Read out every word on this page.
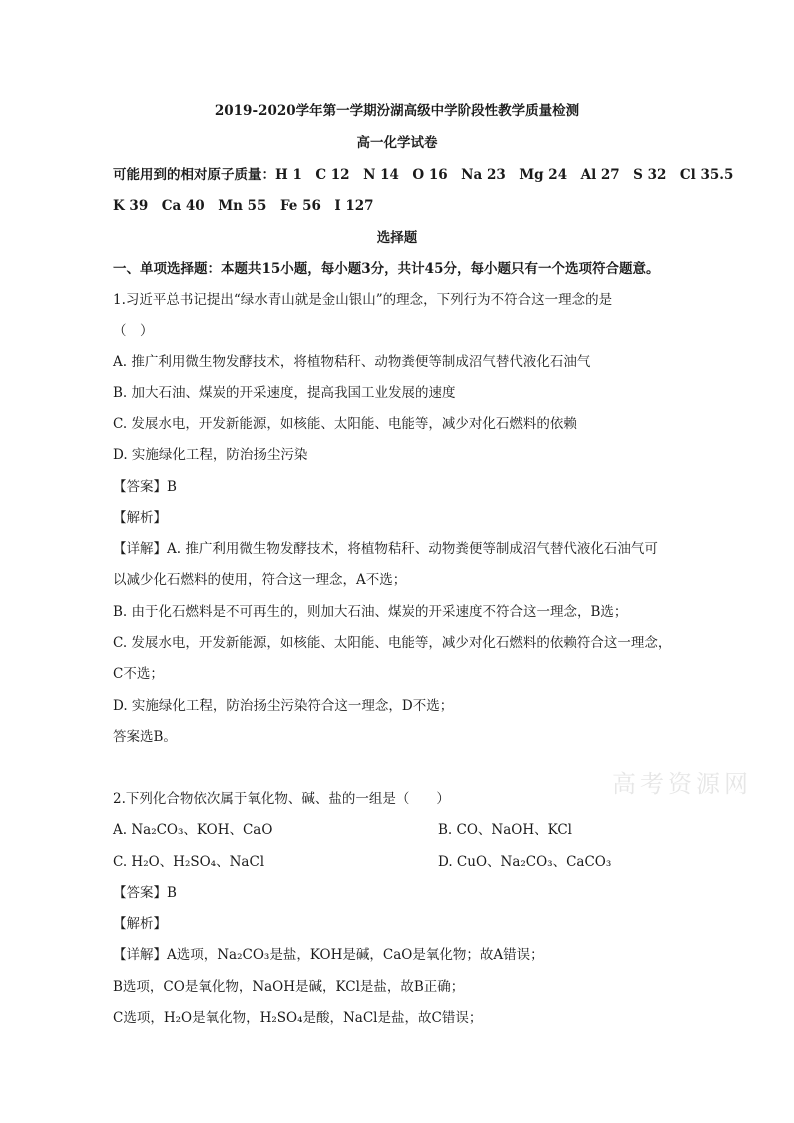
2019-2020学年第一学期汾湖高级中学阶段性教学质量检测
高一化学试卷
可能用到的相对原子质量：H 1　C 12　N 14　O 16　Na 23　Mg 24　Al 27　S 32　Cl 35.5
K 39　Ca 40　Mn 55　Fe 56　I 127
选择题
一、单项选择题：本题共15小题，每小题3分，共计45分，每小题只有一个选项符合题意。
1.习近平总书记提出“绿水青山就是金山银山”的理念，下列行为不符合这一理念的是
（　）
A. 推广利用微生物发酵技术，将植物秸秆、动物粪便等制成沼气替代液化石油气
B. 加大石油、煤炭的开采速度，提高我国工业发展的速度
C. 发展水电，开发新能源，如核能、太阳能、电能等，减少对化石燃料的依赖
D. 实施绿化工程，防治扬尘污染
【答案】B
【解析】
【详解】A. 推广利用微生物发酵技术，将植物秸秆、动物粪便等制成沼气替代液化石油气可
以减少化石燃料的使用，符合这一理念，A不选；
B. 由于化石燃料是不可再生的，则加大石油、煤炭的开采速度不符合这一理念，B选；
C. 发展水电，开发新能源，如核能、太阳能、电能等，减少对化石燃料的依赖符合这一理念，
C不选；
D. 实施绿化工程，防治扬尘污染符合这一理念，D不选；
答案选B。
高考资源网
2.下列化合物依次属于氧化物、碱、盐的一组是（　　）
A. Na₂CO₃、KOH、CaO	B. CO、NaOH、KCl
C. H₂O、H₂SO₄、NaCl	D. CuO、Na₂CO₃、CaCO₃
【答案】B
【解析】
【详解】A选项，Na₂CO₃是盐，KOH是碱，CaO是氧化物；故A错误；
B选项，CO是氧化物，NaOH是碱，KCl是盐，故B正确；
C选项，H₂O是氧化物，H₂SO₄是酸，NaCl是盐，故C错误；
